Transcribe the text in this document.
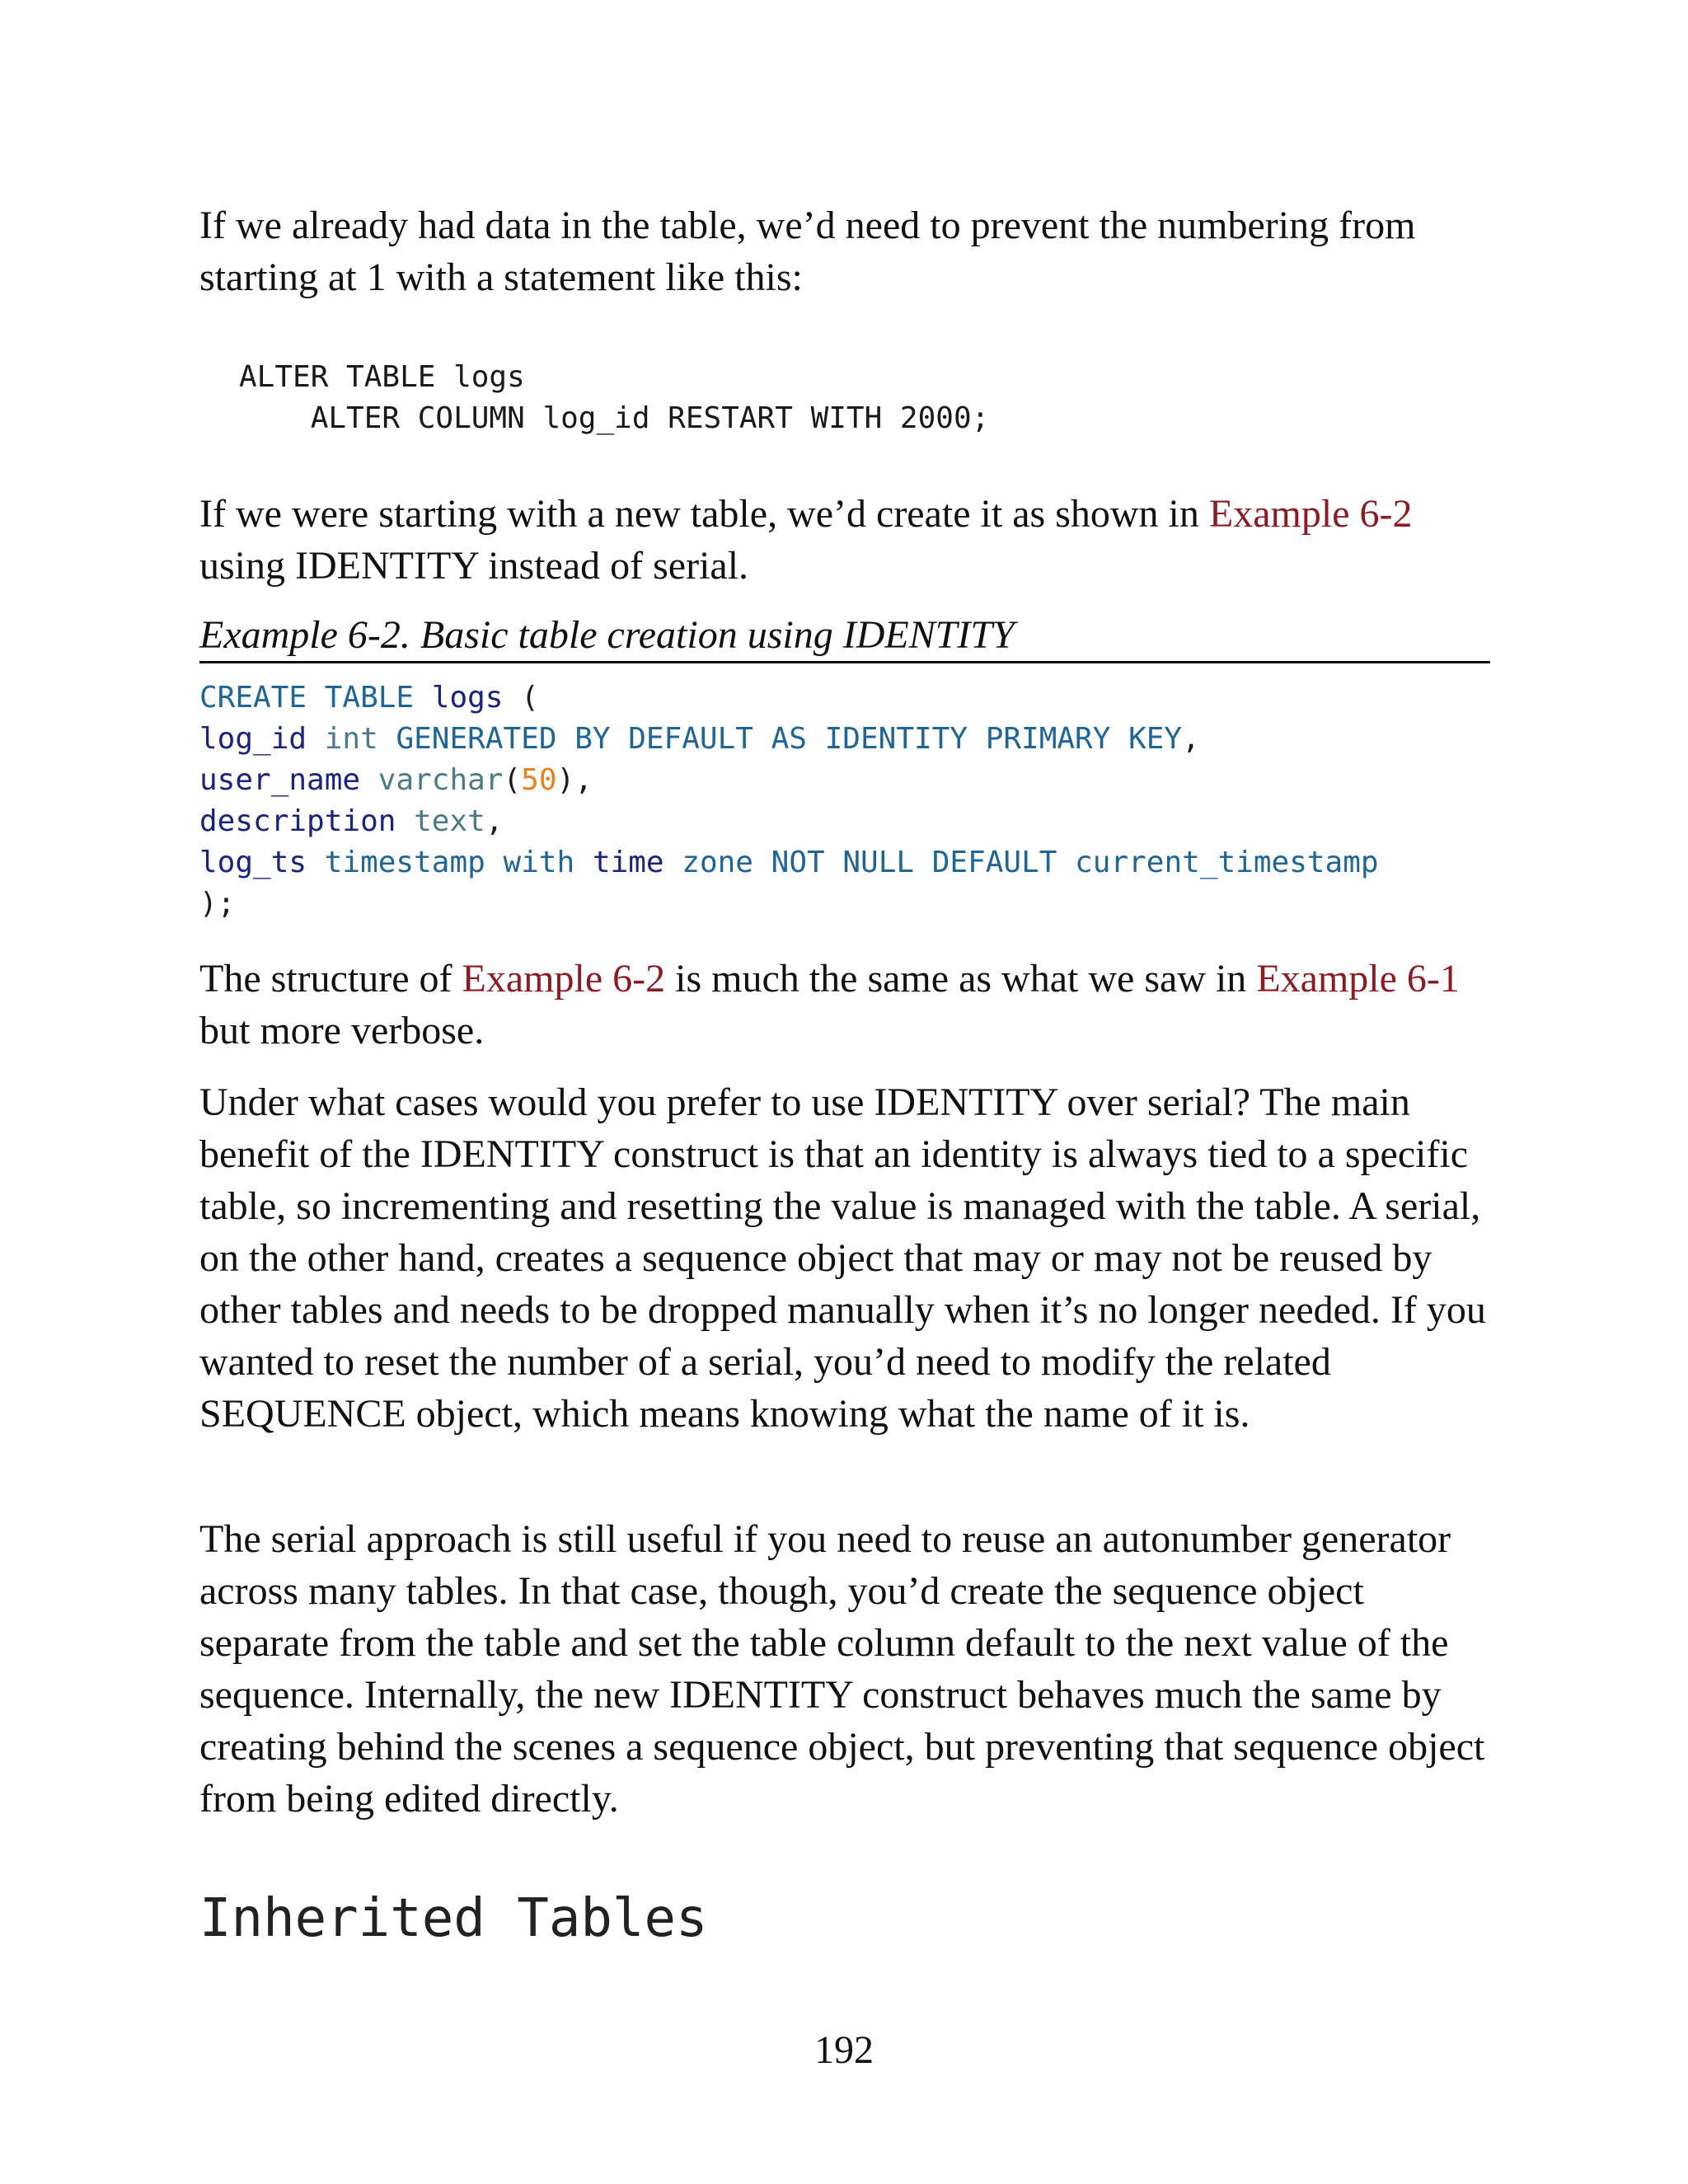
If we already had data in the table, we’d need to prevent the numbering from starting at 1 with a statement like this:

ALTER TABLE logs
ALTER COLUMN log_id RESTART WITH 2000;

If we were starting with a new table, we’d create it as shown in Example 6-2 using IDENTITY instead of serial.

Example 6-2. Basic table creation using IDENTITY

CREATE TABLE logs (
log_id int GENERATED BY DEFAULT AS IDENTITY PRIMARY KEY,
user_name varchar(50),
description text,
log_ts timestamp with time zone NOT NULL DEFAULT current_timestamp
);

The structure of Example 6-2 is much the same as what we saw in Example 6-1 but more verbose.

Under what cases would you prefer to use IDENTITY over serial? The main benefit of the IDENTITY construct is that an identity is always tied to a specific table, so incrementing and resetting the value is managed with the table. A serial, on the other hand, creates a sequence object that may or may not be reused by other tables and needs to be dropped manually when it’s no longer needed. If you wanted to reset the number of a serial, you’d need to modify the related SEQUENCE object, which means knowing what the name of it is.

The serial approach is still useful if you need to reuse an autonumber generator across many tables. In that case, though, you’d create the sequence object separate from the table and set the table column default to the next value of the sequence. Internally, the new IDENTITY construct behaves much the same by creating behind the scenes a sequence object, but preventing that sequence object from being edited directly.

Inherited Tables
192
